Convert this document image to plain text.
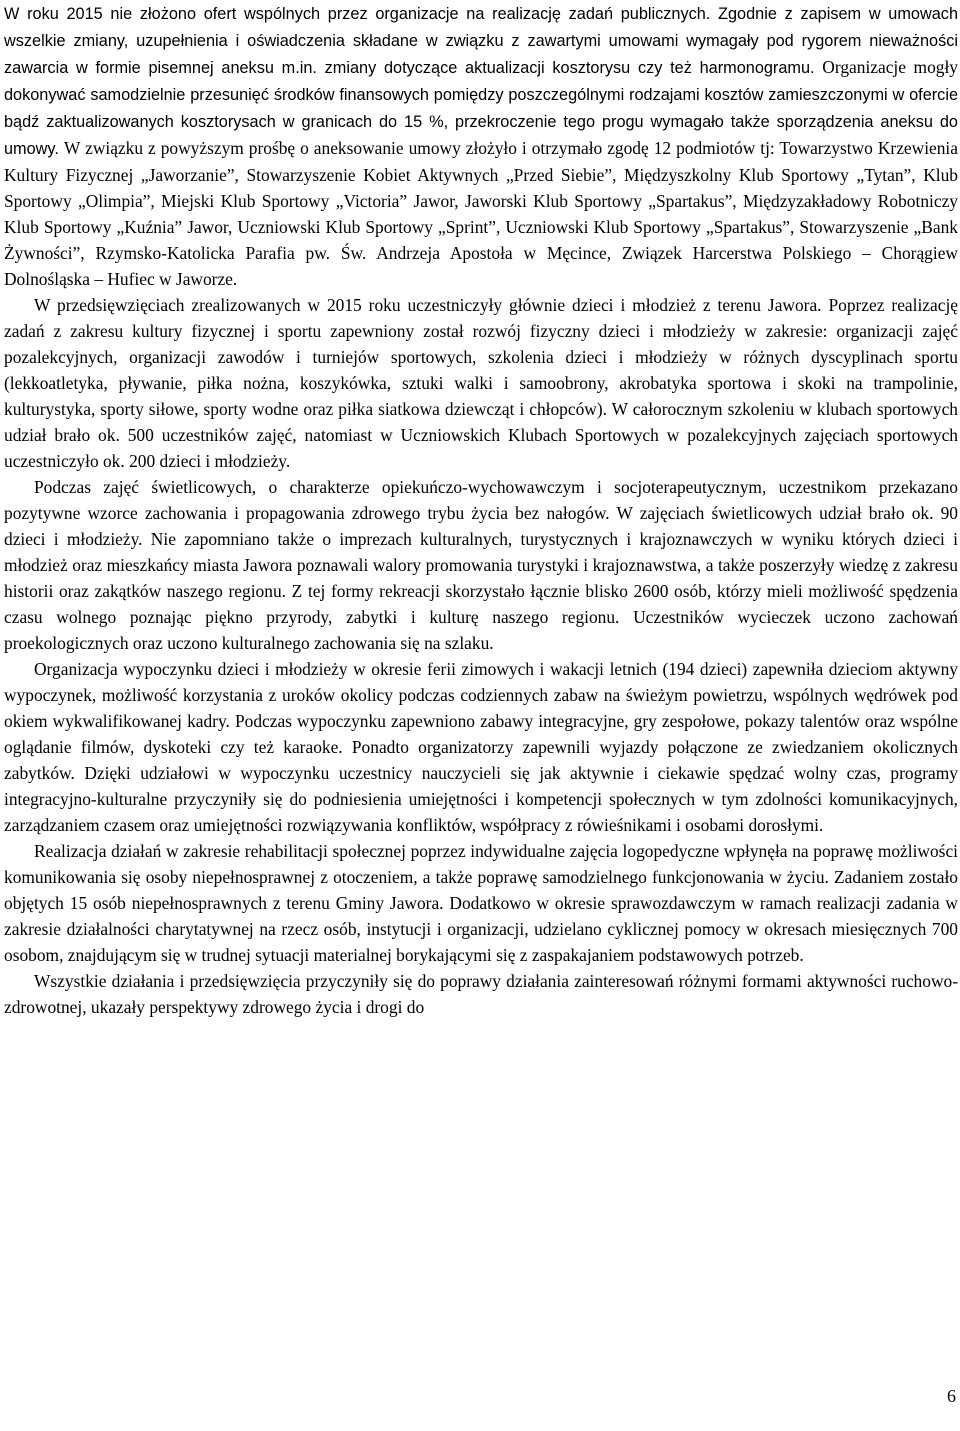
W roku 2015 nie złożono ofert wspólnych przez organizacje na realizację zadań publicznych. Zgodnie z zapisem w umowach wszelkie zmiany, uzupełnienia i oświadczenia składane w związku z zawartymi umowami wymagały pod rygorem nieważności zawarcia w formie pisemnej aneksu m.in. zmiany dotyczące aktualizacji kosztorysu czy też harmonogramu. Organizacje mogły dokonywać samodzielnie przesunięć środków finansowych pomiędzy poszczególnymi rodzajami kosztów zamieszczonymi w ofercie bądź zaktualizowanych kosztorysach w granicach do 15 %, przekroczenie tego progu wymagało także sporządzenia aneksu do umowy. W związku z powyższym prośbę o aneksowanie umowy złożyło i otrzymało zgodę 12 podmiotów tj: Towarzystwo Krzewienia Kultury Fizycznej „Jaworzanie”, Stowarzyszenie Kobiet Aktywnych „Przed Siebie”, Międzyszkolny Klub Sportowy „Tytan”, Klub Sportowy „Olimpia”, Miejski Klub Sportowy „Victoria” Jawor, Jaworski Klub Sportowy „Spartakus”, Międzyzakładowy Robotniczy Klub Sportowy „Kuźnia” Jawor, Uczniowski Klub Sportowy „Sprint”, Uczniowski Klub Sportowy „Spartakus”, Stowarzyszenie „Bank Żywności”, Rzymsko-Katolicka Parafia pw. Św. Andrzeja Apostoła w Męcince, Związek Harcerstwa Polskiego – Chorągiew Dolnośląska – Hufiec w Jaworze.

W przedsięwzięciach zrealizowanych w 2015 roku uczestniczyły głównie dzieci i młodzież z terenu Jawora. Poprzez realizację zadań z zakresu kultury fizycznej i sportu zapewniony został rozwój fizyczny dzieci i młodzieży w zakresie: organizacji zajęć pozalekcyjnych, organizacji zawodów i turniejów sportowych, szkolenia dzieci i młodzieży w różnych dyscyplinach sportu (lekkoatletyka, pływanie, piłka nożna, koszykówka, sztuki walki i samoobrony, akrobatyka sportowa i skoki na trampolinie, kulturystyka, sporty siłowe, sporty wodne oraz piłka siatkowa dziewcząt i chłopców). W całorocznym szkoleniu w klubach sportowych udział brało ok. 500 uczestników zajęć, natomiast w Uczniowskich Klubach Sportowych w pozalekcyjnych zajęciach sportowych uczestniczyło ok. 200 dzieci i młodzieży.

Podczas zajęć świetlicowych, o charakterze opiekuńczo-wychowawczym i socjoterapeutycznym, uczestnikom przekazano pozytywne wzorce zachowania i propagowania zdrowego trybu życia bez nałogów. W zajęciach świetlicowych udział brało ok. 90 dzieci i młodzieży. Nie zapomniano także o imprezach kulturalnych, turystycznych i krajoznawczych w wyniku których dzieci i młodzież oraz mieszkańcy miasta Jawora poznawali walory promowania turystyki i krajoznawstwa, a także poszerzyły wiedzę z zakresu historii oraz zakątków naszego regionu. Z tej formy rekreacji skorzystało łącznie blisko 2600 osób, którzy mieli możliwość spędzenia czasu wolnego poznając piękno przyrody, zabytki i kulturę naszego regionu. Uczestników wycieczek uczono zachowań proekologicznych oraz uczono kulturalnego zachowania się na szlaku.

Organizacja wypoczynku dzieci i młodzieży w okresie ferii zimowych i wakacji letnich (194 dzieci) zapewniła dzieciom aktywny wypoczynek, możliwość korzystania z uroków okolicy podczas codziennych zabaw na świeżym powietrzu, wspólnych wędrówek pod okiem wykwalifikowanej kadry. Podczas wypoczynku zapewniono zabawy integracyjne, gry zespołowe, pokazy talentów oraz wspólne oglądanie filmów, dyskoteki czy też karaoke. Ponadto organizatorzy zapewnili wyjazdy połączone ze zwiedzaniem okolicznych zabytków. Dzięki udziałowi w wypoczynku uczestnicy nauczycieli się jak aktywnie i ciekawie spędzać wolny czas, programy integracyjno-kulturalne przyczyniły się do podniesienia umiejętności i kompetencji społecznych w tym zdolności komunikacyjnych, zarządzaniem czasem oraz umiejętności rozwiązywania konfliktów, współpracy z rówieśnikami i osobami dorosłymi.

Realizacja działań w zakresie rehabilitacji społecznej poprzez indywidualne zajęcia logopedyczne wpłynęła na poprawę możliwości komunikowania się osoby niepełnosprawnej z otoczeniem, a także poprawę samodzielnego funkcjonowania w życiu. Zadaniem zostało objętych 15 osób niepełnosprawnych z terenu Gminy Jawora. Dodatkowo w okresie sprawozdawczym w ramach realizacji zadania w zakresie działalności charytatywnej na rzecz osób, instytucji i organizacji, udzielano cyklicznej pomocy w okresach miesięcznych 700 osobom, znajdującym się w trudnej sytuacji materialnej borykającymi się z zaspakajaniem podstawowych potrzeb.

Wszystkie działania i przedsięwzięcia przyczyniły się do poprawy działania zainteresowań różnymi formami aktywności ruchowo-zdrowotnej, ukazały perspektywy zdrowego życia i drogi do

6
